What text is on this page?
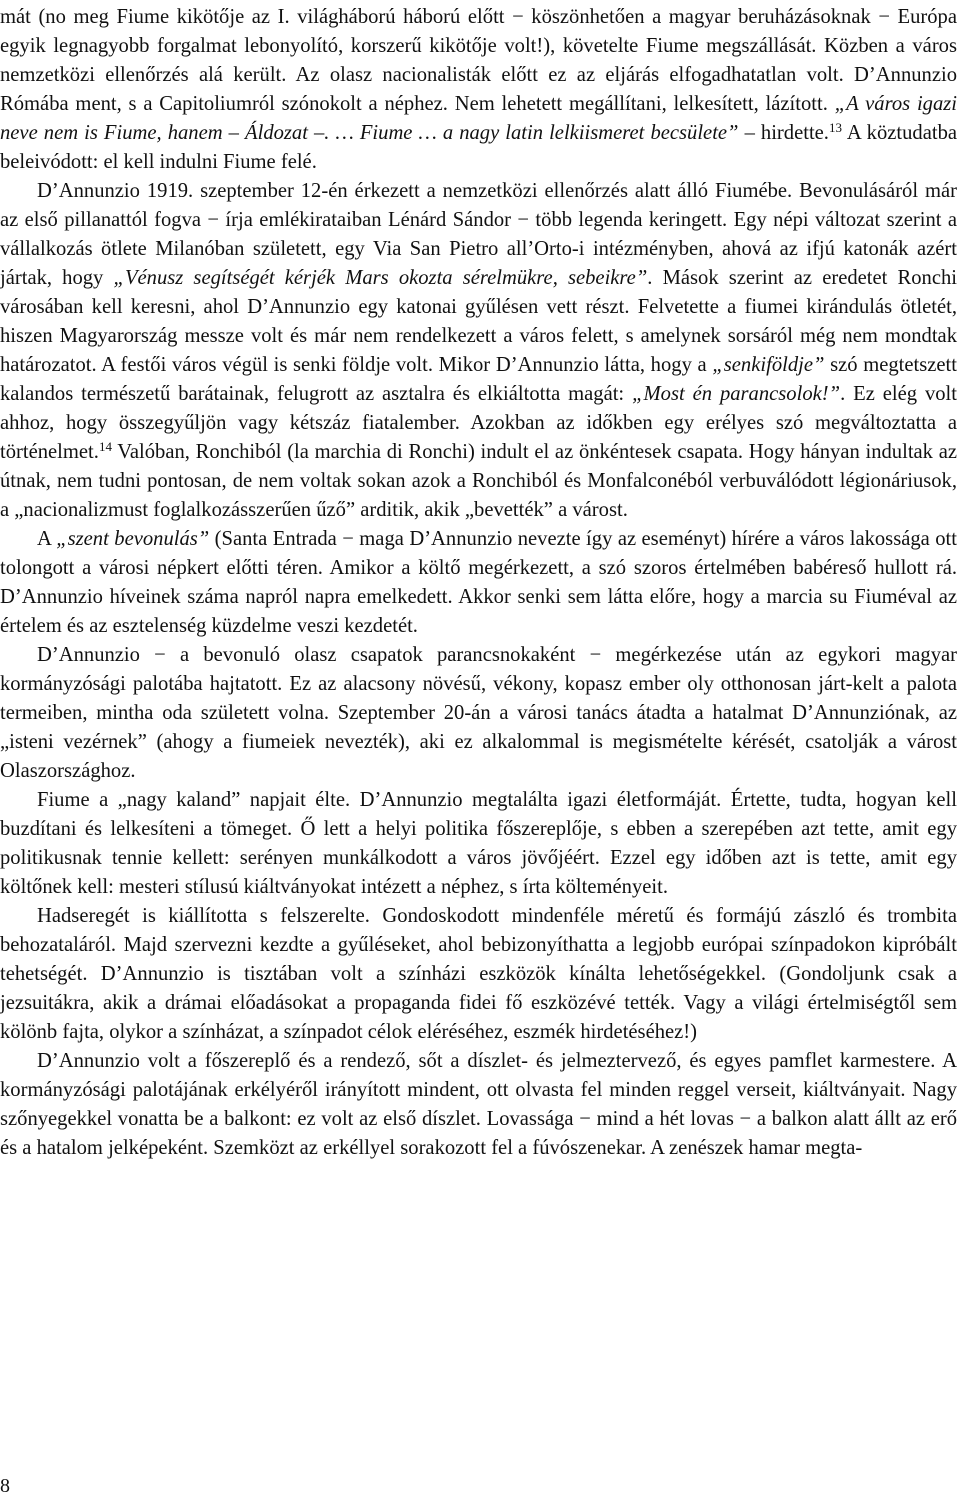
mát (no meg Fiume kikötője az I. világháború háború előtt − köszönhetően a magyar beruházásoknak − Európa egyik legnagyobb forgalmat lebonyolító, korszerű kikötője volt!), követelte Fiume megszállását. Közben a város nemzetközi ellenőrzés alá került. Az olasz nacionalisták előtt ez az eljárás elfogadhatatlan volt. D’Annunzio Rómába ment, s a Capitoliumról szónokolt a néphez. Nem lehetett megállítani, lelkesített, lázított. „A város igazi neve nem is Fiume, hanem – Áldozat –. … Fiume … a nagy latin lelkiismeret becsülete” – hirdette.$^{13}$ A köztudatba beleivódott: el kell indulni Fiume felé.

D’Annunzio 1919. szeptember 12-én érkezett a nemzetközi ellenőrzés alatt álló Fiumébe. Bevonulásáról már az első pillanattól fogva − írja emlékirataiban Lénárd Sándor − több legenda keringett. Egy népi változat szerint a vállalkozás ötlete Milanóban született, egy Via San Pietro all’Orto-i intézményben, ahová az ifjú katonák azért jártak, hogy „Vénusz segítségét kérjék Mars okozta sérelmükre, sebeikre”. Mások szerint az eredetet Ronchi városában kell keresni, ahol D’Annunzio egy katonai gyűlésen vett részt. Felvetette a fiumei kirándulás ötletét, hiszen Magyarország messze volt és már nem rendelkezett a város felett, s amelynek sorsáról még nem mondtak határozatot. A festői város végül is senki földje volt. Mikor D’Annunzio látta, hogy a „senkiföldje” szó megtetszett kalandos természetű barátainak, felugrott az asztalra és elkiáltotta magát: „Most én parancsolok!”. Ez elég volt ahhoz, hogy összegyűljön vagy kétszáz fiatalember. Azokban az időkben egy erélyes szó megváltoztatta a történelmet.$^{14}$ Valóban, Ronchiból (la marchia di Ronchi) indult el az önkéntesek csapata. Hogy hányan indultak az útnak, nem tudni pontosan, de nem voltak sokan azok a Ronchiból és Monfalconéból verbuválódott légionáriusok, a „nacionalizmust foglalkozásszerűen űző” arditik, akik „bevették” a várost.

A „szent bevonulás” (Santa Entrada − maga D’Annunzio nevezte így az eseményt) hírére a város lakossága ott tolongott a városi népkert előtti téren. Amikor a költő megérkezett, a szó szoros értelmében babéreső hullott rá. D’Annunzio híveinek száma napról napra emelkedett. Akkor senki sem látta előre, hogy a marcia su Fiuméval az értelem és az esztelenség küzdelme veszi kezdetét.

D’Annunzio − a bevonuló olasz csapatok parancsnokaként − megérkezése után az egykori magyar kormányzósági palotába hajtatott. Ez az alacsony növésű, vékony, kopasz ember oly otthonosan járt-kelt a palota termeiben, mintha oda született volna. Szeptember 20-án a városi tanács átadta a hatalmat D’Annunziónak, az „isteni vezérnek” (ahogy a fiumeiek nevezték), aki ez alkalommal is megismételte kérését, csatolják a várost Olaszországhoz.

Fiume a „nagy kaland” napjait élte. D’Annunzio megtalálta igazi életformáját. Értette, tudta, hogyan kell buzdítani és lelkesíteni a tömeget. Ő lett a helyi politika főszereplője, s ebben a szerepében azt tette, amit egy politikusnak tennie kellett: serényen munkálkodott a város jövőjéért. Ezzel egy időben azt is tette, amit egy költőnek kell: mesteri stílusú kiáltványokat intézett a néphez, s írta költeményeit.

Hadseregét is kiállította s felszerelte. Gondoskodott mindenféle méretű és formájú zászló és trombita behozataláról. Majd szervezni kezdte a gyűléseket, ahol bebizonyíthatta a legjobb európai színpadokon kipróbált tehetségét. D’Annunzio is tisztában volt a színházi eszközök kínálta lehetőségekkel. (Gondoljunk csak a jezsuitákra, akik a drámai előadásokat a propaganda fidei fő eszközévé tették. Vagy a világi értelmiségtől sem kölönb fajta, olykor a színházat, a színpadot célok eléréséhez, eszmék hirdetéséhez!)

D’Annunzio volt a főszereplő és a rendező, sőt a díszlet- és jelmeztervező, és egyes pamflet karmestere. A kormányzósági palotájának erkélyéről irányított mindent, ott olvasta fel minden reggel verseit, kiáltványait. Nagy szőnyegekkel vonatta be a balkont: ez volt az első díszlet. Lovassága − mind a hét lovas − a balkon alatt állt az erő és a hatalom jelképeként. Szemközt az erkéllyel sorakozott fel a fúvószenekar. A zenészek hamar megta-

8
